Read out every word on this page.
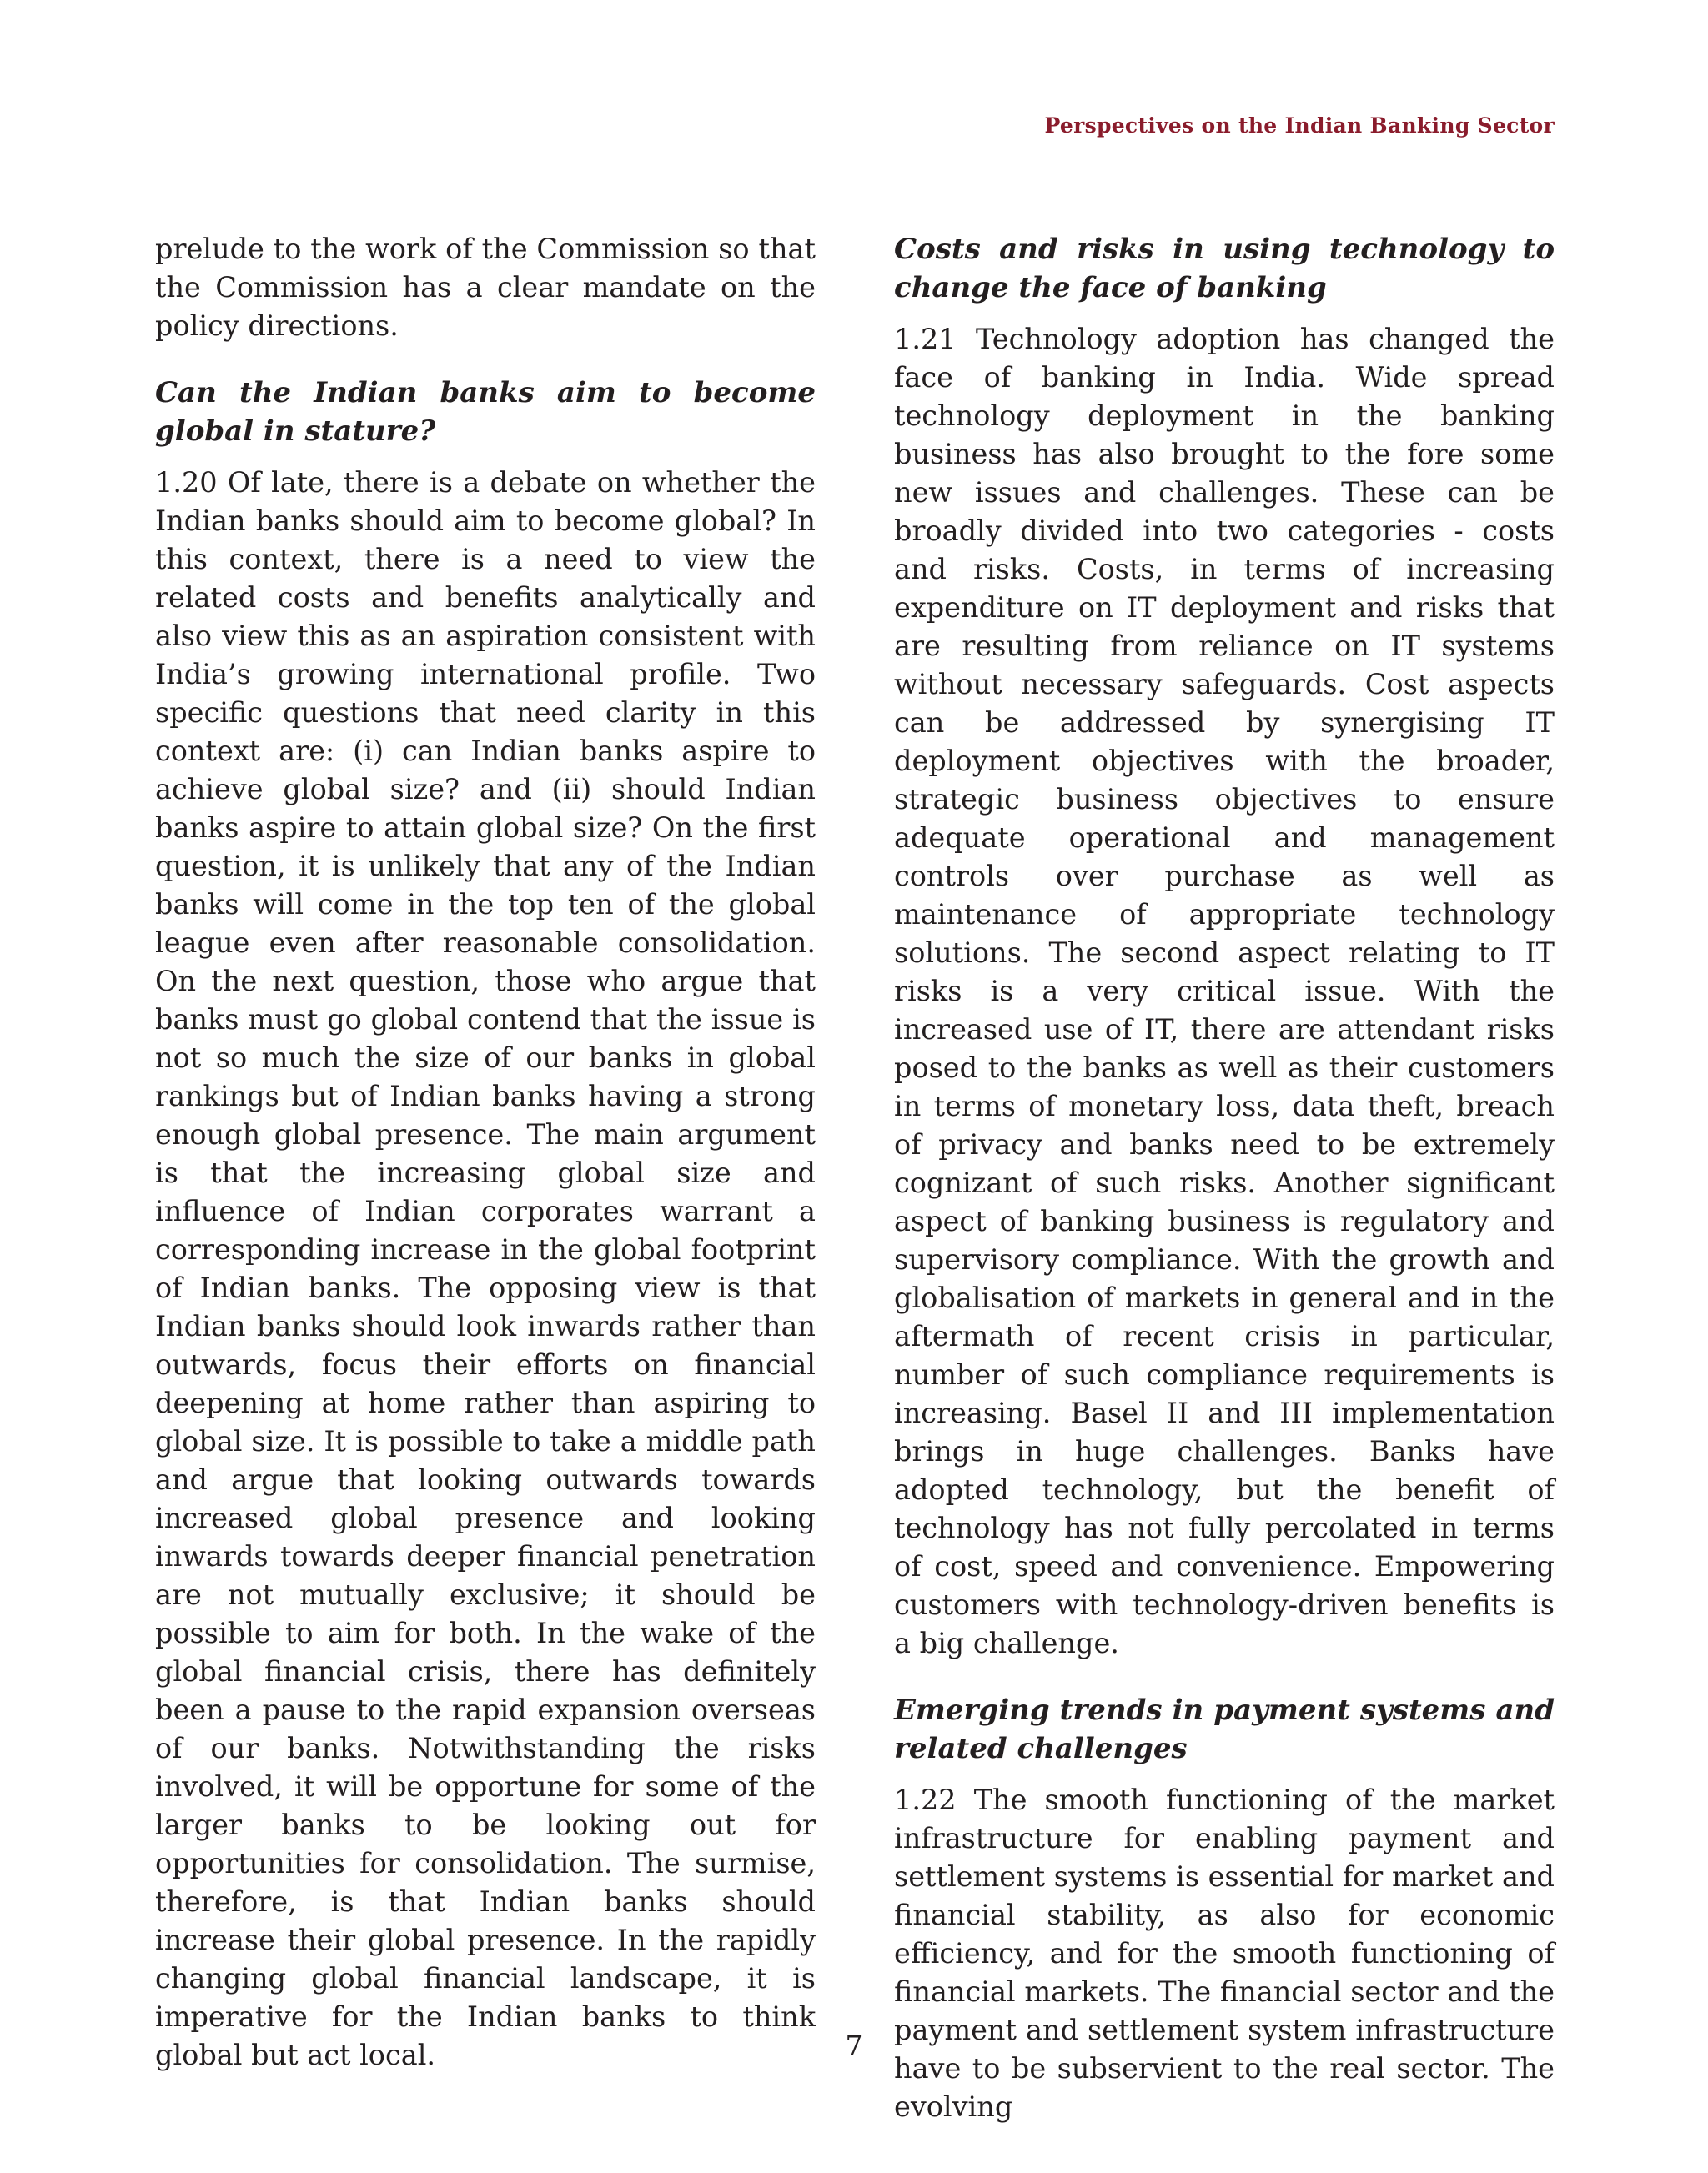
Perspectives on the Indian Banking Sector

prelude to the work of the Commission so that the Commission has a clear mandate on the policy directions.

Can the Indian banks aim to become global in stature?

1.20 Of late, there is a debate on whether the Indian banks should aim to become global? In this context, there is a need to view the related costs and benefits analytically and also view this as an aspiration consistent with India’s growing international profile. Two specific questions that need clarity in this context are: (i) can Indian banks aspire to achieve global size? and (ii) should Indian banks aspire to attain global size? On the first question, it is unlikely that any of the Indian banks will come in the top ten of the global league even after reasonable consolidation. On the next question, those who argue that banks must go global contend that the issue is not so much the size of our banks in global rankings but of Indian banks having a strong enough global presence. The main argument is that the increasing global size and influence of Indian corporates warrant a corresponding increase in the global footprint of Indian banks. The opposing view is that Indian banks should look inwards rather than outwards, focus their efforts on financial deepening at home rather than aspiring to global size. It is possible to take a middle path and argue that looking outwards towards increased global presence and looking inwards towards deeper financial penetration are not mutually exclusive; it should be possible to aim for both. In the wake of the global financial crisis, there has definitely been a pause to the rapid expansion overseas of our banks. Notwithstanding the risks involved, it will be opportune for some of the larger banks to be looking out for opportunities for consolidation. The surmise, therefore, is that Indian banks should increase their global presence. In the rapidly changing global financial landscape, it is imperative for the Indian banks to think global but act local.

Costs and risks in using technology to change the face of banking

1.21 Technology adoption has changed the face of banking in India. Wide spread technology deployment in the banking business has also brought to the fore some new issues and challenges. These can be broadly divided into two categories - costs and risks. Costs, in terms of increasing expenditure on IT deployment and risks that are resulting from reliance on IT systems without necessary safeguards. Cost aspects can be addressed by synergising IT deployment objectives with the broader, strategic business objectives to ensure adequate operational and management controls over purchase as well as maintenance of appropriate technology solutions. The second aspect relating to IT risks is a very critical issue. With the increased use of IT, there are attendant risks posed to the banks as well as their customers in terms of monetary loss, data theft, breach of privacy and banks need to be extremely cognizant of such risks. Another significant aspect of banking business is regulatory and supervisory compliance. With the growth and globalisation of markets in general and in the aftermath of recent crisis in particular, number of such compliance requirements is increasing. Basel II and III implementation brings in huge challenges. Banks have adopted technology, but the benefit of technology has not fully percolated in terms of cost, speed and convenience. Empowering customers with technology-driven benefits is a big challenge.

Emerging trends in payment systems and related challenges

1.22 The smooth functioning of the market infrastructure for enabling payment and settlement systems is essential for market and financial stability, as also for economic efficiency, and for the smooth functioning of financial markets. The financial sector and the payment and settlement system infrastructure have to be subservient to the real sector. The evolving

7
